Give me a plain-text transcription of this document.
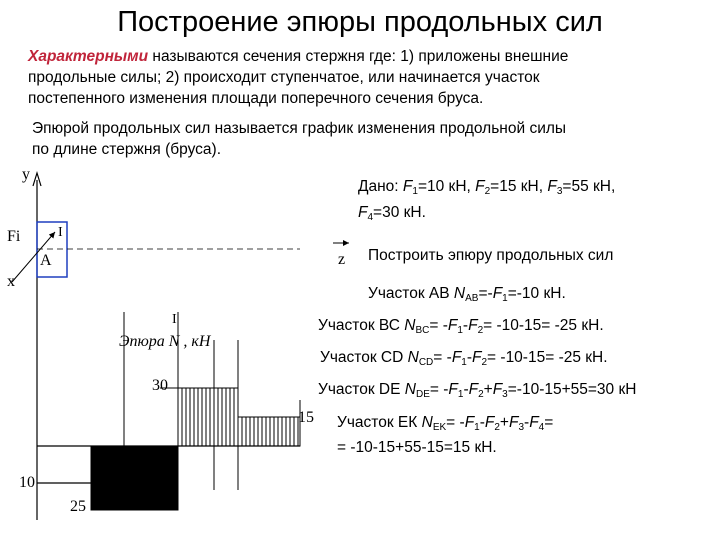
Построение эпюры продольных сил
Характерными называются сечения стержня где: 1) приложены внешние
продольные силы; 2) происходит ступенчатое, или начинается участок
постепенного изменения площади поперечного сечения бруса.
Эпюрой продольных сил называется график изменения продольной силы
по длине стержня (бруса).
y
Fi	I
A
x
z
Эпюра N , кН
I
30
15
10
25
Дано: $F_1=10$ кН, $F_2=15$ кН, $F_3=55$ кН,
$F_4=30$ кН.
Построить эпюру продольных сил
Участок АВ $N_{AB}=-F_1=-10$ кН.
Участок ВС $N_{BC}= -F_1-F_2= -10-15= -25$ кН.
Участок CD $N_{CD}= -F_1-F_2= -10-15= -25$ кН.
Участок DE $N_{DE}= -F_1-F_2+F_3=-10-15+55=30$ кН
Участок ЕК $N_{EK}= -F_1-F_2+F_3-F_4=$
= -10-15+55-15=15 кН.
